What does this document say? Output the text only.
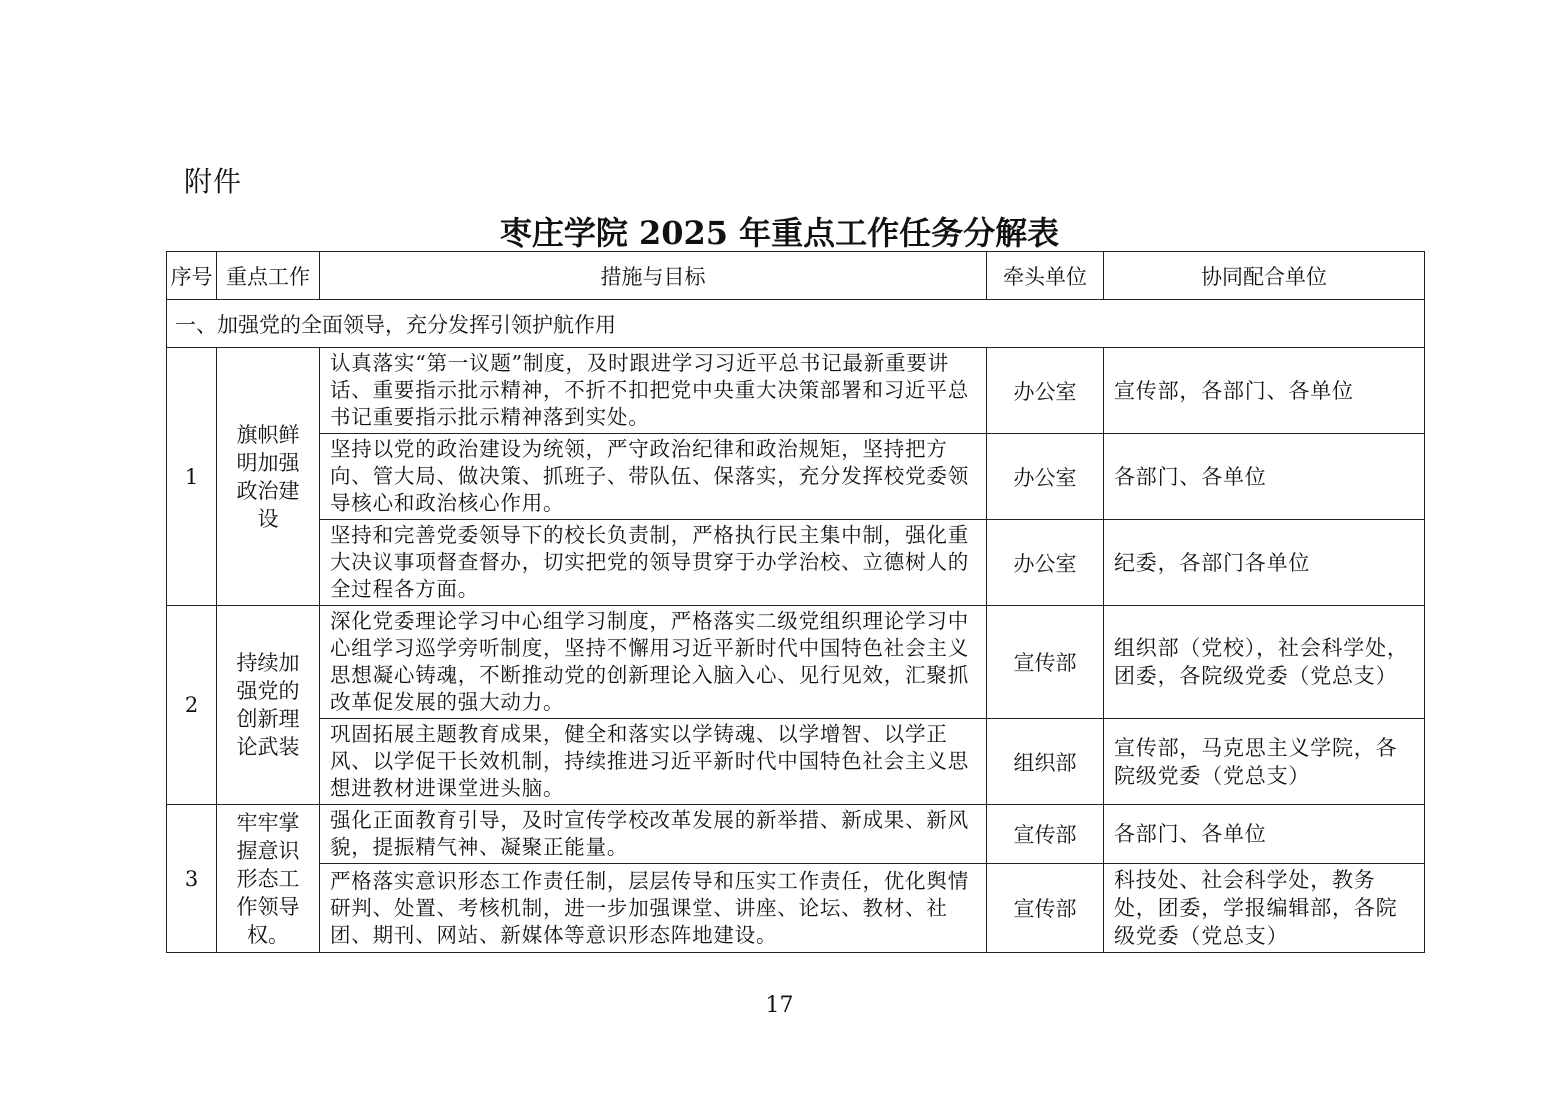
附件
枣庄学院 2025 年重点工作任务分解表
序号	重点工作	措施与目标	牵头单位	协同配合单位
一、加强党的全面领导，充分发挥引领护航作用				
1	旗帜鲜明加强政治建设	认真落实“第一议题”制度，及时跟进学习习近平总书记最新重要讲话、重要指示批示精神，不折不扣把党中央重大决策部署和习近平总书记重要指示批示精神落到实处。	办公室	宣传部，各部门、各单位
		坚持以党的政治建设为统领，严守政治纪律和政治规矩，坚持把方向、管大局、做决策、抓班子、带队伍、保落实，充分发挥校党委领导核心和政治核心作用。	办公室	各部门、各单位
		坚持和完善党委领导下的校长负责制，严格执行民主集中制，强化重大决议事项督查督办，切实把党的领导贯穿于办学治校、立德树人的全过程各方面。	办公室	纪委，各部门各单位
2	持续加强党的创新理论武装	深化党委理论学习中心组学习制度，严格落实二级党组织理论学习中心组学习巡学旁听制度，坚持不懈用习近平新时代中国特色社会主义思想凝心铸魂，不断推动党的创新理论入脑入心、见行见效，汇聚抓改革促发展的强大动力。	宣传部	组织部（党校），社会科学处，团委，各院级党委（党总支）
		巩固拓展主题教育成果，健全和落实以学铸魂、以学增智、以学正风、以学促干长效机制，持续推进习近平新时代中国特色社会主义思想进教材进课堂进头脑。	组织部	宣传部，马克思主义学院，各院级党委（党总支）
3	牢牢掌握意识形态工作领导权。	强化正面教育引导，及时宣传学校改革发展的新举措、新成果、新风貌，提振精气神、凝聚正能量。	宣传部	各部门、各单位
		严格落实意识形态工作责任制，层层传导和压实工作责任，优化舆情研判、处置、考核机制，进一步加强课堂、讲座、论坛、教材、社团、期刊、网站、新媒体等意识形态阵地建设。	宣传部	科技处、社会科学处，教务处，团委，学报编辑部，各院级党委（党总支）
17
